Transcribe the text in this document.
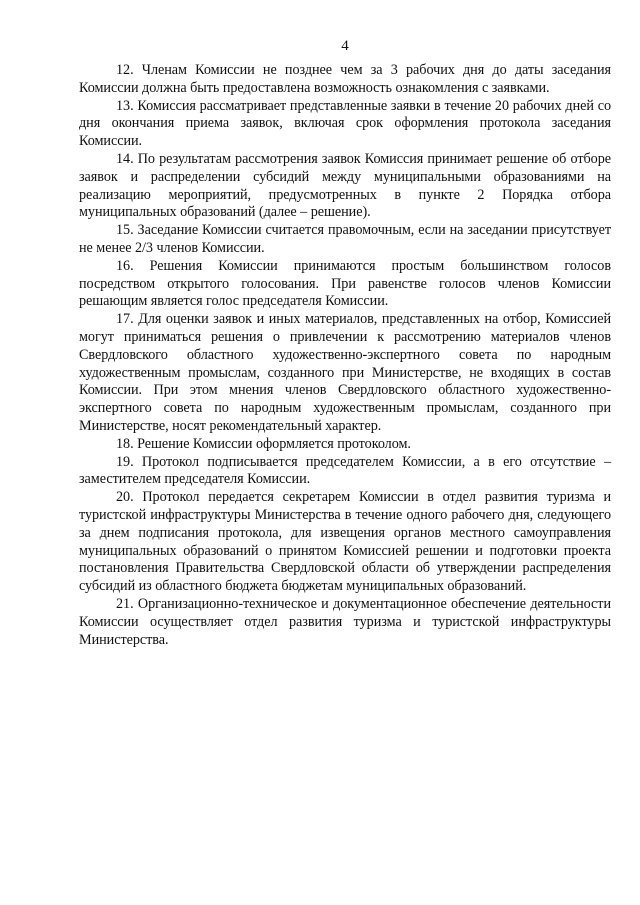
4

12. Членам Комиссии не позднее чем за 3 рабочих дня до даты заседания Комиссии должна быть предоставлена возможность ознакомления с заявками.

13. Комиссия рассматривает представленные заявки в течение 20 рабочих дней со дня окончания приема заявок, включая срок оформления протокола заседания Комиссии.

14. По результатам рассмотрения заявок Комиссия принимает решение об отборе заявок и распределении субсидий между муниципальными образованиями на реализацию мероприятий, предусмотренных в пункте 2 Порядка отбора муниципальных образований (далее – решение).

15. Заседание Комиссии считается правомочным, если на заседании присутствует не менее 2/3 членов Комиссии.

16. Решения Комиссии принимаются простым большинством голосов посредством открытого голосования. При равенстве голосов членов Комиссии решающим является голос председателя Комиссии.

17. Для оценки заявок и иных материалов, представленных на отбор, Комиссией могут приниматься решения о привлечении к рассмотрению материалов членов Свердловского областного художественно-экспертного совета по народным художественным промыслам, созданного при Министерстве, не входящих в состав Комиссии. При этом мнения членов Свердловского областного художественно-экспертного совета по народным художественным промыслам, созданного при Министерстве, носят рекомендательный характер.

18. Решение Комиссии оформляется протоколом.

19. Протокол подписывается председателем Комиссии, а в его отсутствие – заместителем председателя Комиссии.

20. Протокол передается секретарем Комиссии в отдел развития туризма и туристской инфраструктуры Министерства в течение одного рабочего дня, следующего за днем подписания протокола, для извещения органов местного самоуправления муниципальных образований о принятом Комиссией решении и подготовки проекта постановления Правительства Свердловской области об утверждении распределения субсидий из областного бюджета бюджетам муниципальных образований.

21. Организационно-техническое и документационное обеспечение деятельности Комиссии осуществляет отдел развития туризма и туристской инфраструктуры Министерства.
